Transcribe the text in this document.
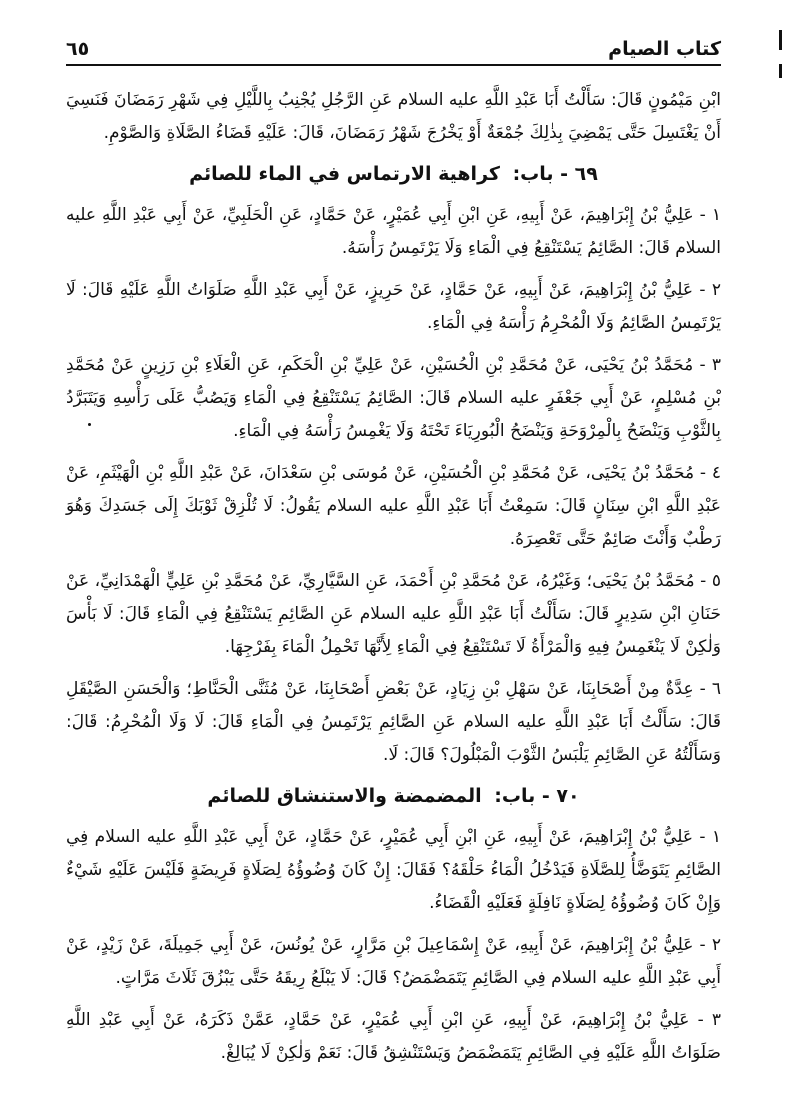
كتاب الصيام
٦٥

ابْنِ مَيْمُونٍ قَالَ: سَأَلْتُ أَبَا عَبْدِ اللَّهِ عليه السلام عَنِ الرَّجُلِ يُجْنِبُ بِاللَّيْلِ فِي شَهْرِ رَمَضَانَ فَنَسِيَ أَنْ يَغْتَسِلَ حَتَّى يَمْضِيَ بِذٰلِكَ جُمْعَةٌ أَوْ يَخْرُجَ شَهْرُ رَمَضَانَ، قَالَ: عَلَيْهِ قَضَاءُ الصَّلَاةِ وَالصَّوْمِ.

٦٩ - باب: كراهية الارتماس في الماء للصائم

١ - عَلِيُّ بْنُ إِبْرَاهِيمَ، عَنْ أَبِيهِ، عَنِ ابْنِ أَبِي عُمَيْرٍ، عَنْ حَمَّادٍ، عَنِ الْحَلَبِيِّ، عَنْ أَبِي عَبْدِ اللَّهِ عليه السلام قَالَ: الصَّائِمُ يَسْتَنْقِعُ فِي الْمَاءِ وَلَا يَرْتَمِسُ رَأْسَهُ.

٢ - عَلِيُّ بْنُ إِبْرَاهِيمَ، عَنْ أَبِيهِ، عَنْ حَمَّادٍ، عَنْ حَرِيزٍ، عَنْ أَبِي عَبْدِ اللَّهِ صَلَوَاتُ اللَّهِ عَلَيْهِ قَالَ: لَا يَرْتَمِسُ الصَّائِمُ وَلَا الْمُحْرِمُ رَأْسَهُ فِي الْمَاءِ.

٣ - مُحَمَّدُ بْنُ يَحْيَى، عَنْ مُحَمَّدِ بْنِ الْحُسَيْنِ، عَنْ عَلِيِّ بْنِ الْحَكَمِ، عَنِ الْعَلَاءِ بْنِ رَزِينٍ عَنْ مُحَمَّدِ بْنِ مُسْلِمٍ، عَنْ أَبِي جَعْفَرٍ عليه السلام قَالَ: الصَّائِمُ يَسْتَنْقِعُ فِي الْمَاءِ وَيَصُبُّ عَلَى رَأْسِهِ وَيَتَبَرَّدُ بِالثَّوْبِ وَيَنْضَحُ بِالْمِرْوَحَةِ وَيَنْضَحُ الْبُورِيَاءَ تَحْتَهُ وَلَا يَغْمِسُ رَأْسَهُ فِي الْمَاءِ.

٤ - مُحَمَّدُ بْنُ يَحْيَى، عَنْ مُحَمَّدِ بْنِ الْحُسَيْنِ، عَنْ مُوسَى بْنِ سَعْدَانَ، عَنْ عَبْدِ اللَّهِ بْنِ الْهَيْثَمِ، عَنْ عَبْدِ اللَّهِ ابْنِ سِنَانٍ قَالَ: سَمِعْتُ أَبَا عَبْدِ اللَّهِ عليه السلام يَقُولُ: لَا تُلْزِقْ ثَوْبَكَ إِلَى جَسَدِكَ وَهُوَ رَطْبٌ وَأَنْتَ صَائِمٌ حَتَّى تَعْصِرَهُ.

٥ - مُحَمَّدُ بْنُ يَحْيَى؛ وَغَيْرُهُ، عَنْ مُحَمَّدِ بْنِ أَحْمَدَ، عَنِ السَّيَّارِيِّ، عَنْ مُحَمَّدِ بْنِ عَلِيٍّ الْهَمْدَانِيِّ، عَنْ حَنَانِ ابْنِ سَدِيرٍ قَالَ: سَأَلْتُ أَبَا عَبْدِ اللَّهِ عليه السلام عَنِ الصَّائِمِ يَسْتَنْقِعُ فِي الْمَاءِ قَالَ: لَا بَأْسَ وَلٰكِنْ لَا يَنْغَمِسُ فِيهِ وَالْمَرْأَةُ لَا تَسْتَنْقِعُ فِي الْمَاءِ لِأَنَّهَا تَحْمِلُ الْمَاءَ بِفَرْجِهَا.

٦ - عِدَّةٌ مِنْ أَصْحَابِنَا، عَنْ سَهْلِ بْنِ زِيَادٍ، عَنْ بَعْضِ أَصْحَابِنَا، عَنْ مُثَنَّى الْحَنَّاطِ؛ وَالْحَسَنِ الصَّيْقَلِ قَالَ: سَأَلْتُ أَبَا عَبْدِ اللَّهِ عليه السلام عَنِ الصَّائِمِ يَرْتَمِسُ فِي الْمَاءِ قَالَ: لَا وَلَا الْمُحْرِمُ: قَالَ: وَسَأَلْتُهُ عَنِ الصَّائِمِ يَلْبَسُ الثَّوْبَ الْمَبْلُولَ؟ قَالَ: لَا.

٧٠ - باب: المضمضة والاستنشاق للصائم

١ - عَلِيُّ بْنُ إِبْرَاهِيمَ، عَنْ أَبِيهِ، عَنِ ابْنِ أَبِي عُمَيْرٍ، عَنْ حَمَّادٍ، عَنْ أَبِي عَبْدِ اللَّهِ عليه السلام فِي الصَّائِمِ يَتَوَضَّأُ لِلصَّلَاةِ فَيَدْخُلُ الْمَاءُ حَلْقَهُ؟ فَقَالَ: إِنْ كَانَ وُضُوؤُهُ لِصَلَاةٍ فَرِيضَةٍ فَلَيْسَ عَلَيْهِ شَيْءٌ وَإِنْ كَانَ وُضُوؤُهُ لِصَلَاةٍ نَافِلَةٍ فَعَلَيْهِ الْقَضَاءُ.

٢ - عَلِيُّ بْنُ إِبْرَاهِيمَ، عَنْ أَبِيهِ، عَنْ إِسْمَاعِيلَ بْنِ مَرَّارٍ، عَنْ يُونُسَ، عَنْ أَبِي جَمِيلَةَ، عَنْ زَيْدٍ، عَنْ أَبِي عَبْدِ اللَّهِ عليه السلام فِي الصَّائِمِ يَتَمَضْمَضُ؟ قَالَ: لَا يَبْلَعُ رِيقَهُ حَتَّى يَبْزُقَ ثَلَاثَ مَرَّاتٍ.

٣ - عَلِيُّ بْنُ إِبْرَاهِيمَ، عَنْ أَبِيهِ، عَنِ ابْنِ أَبِي عُمَيْرٍ، عَنْ حَمَّادٍ، عَمَّنْ ذَكَرَهُ، عَنْ أَبِي عَبْدِ اللَّهِ صَلَوَاتُ اللَّهِ عَلَيْهِ فِي الصَّائِمِ يَتَمَضْمَضُ وَيَسْتَنْشِقُ قَالَ: نَعَمْ وَلٰكِنْ لَا يُبَالِغْ.
